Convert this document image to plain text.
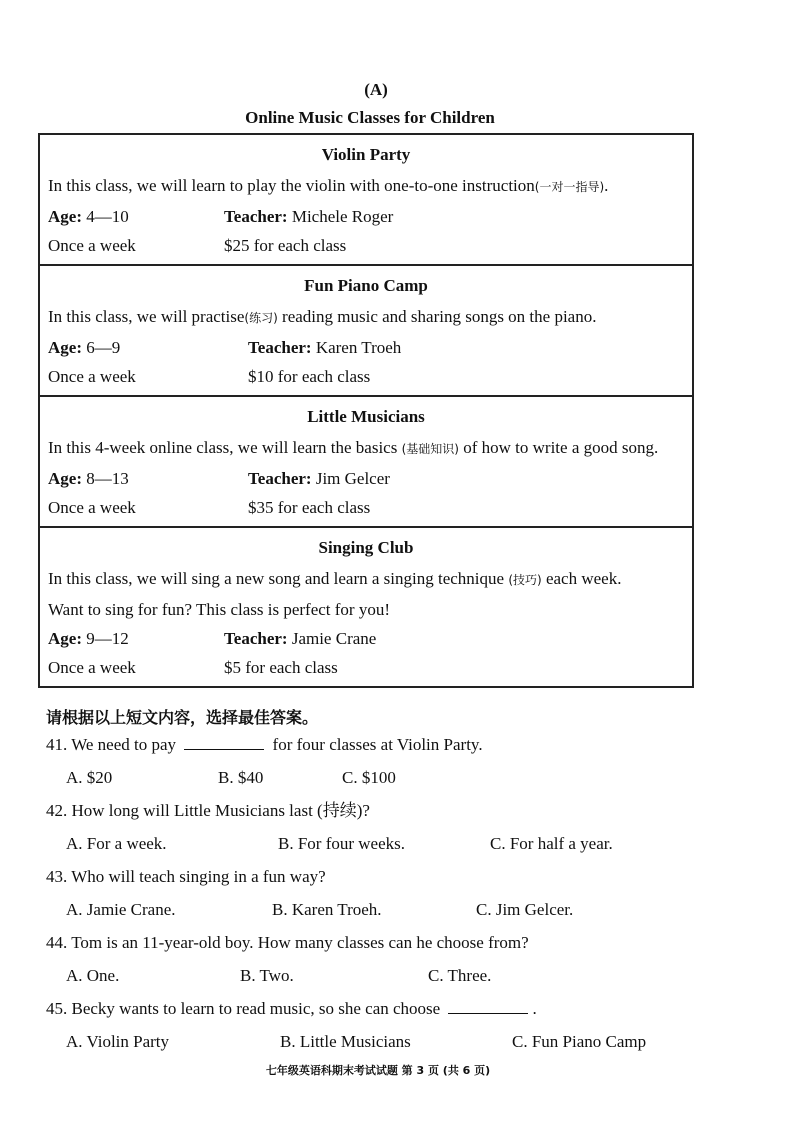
(A)
Online Music Classes for Children
Violin Party
In this class, we will learn to play the violin with one-to-one instruction(一对一指导).
Age: 4—10	Teacher: Michele Roger
Once a week	$25 for each class
Fun Piano Camp
In this class, we will practise(练习) reading music and sharing songs on the piano.
Age: 6—9	Teacher: Karen Troeh
Once a week	$10 for each class
Little Musicians
In this 4-week online class, we will learn the basics (基础知识) of how to write a good song.
Age: 8—13	Teacher: Jim Gelcer
Once a week	$35 for each class
Singing Club
In this class, we will sing a new song and learn a singing technique (技巧) each week.
Want to sing for fun? This class is perfect for you!
Age: 9—12	Teacher: Jamie Crane
Once a week	$5 for each class
请根据以上短文内容，选择最佳答案。

41. We need to pay	for four classes at Violin Party.

A. $20	B. $40	C. $100

42. How long will Little Musicians last (持续)?

A. For a week.	B. For four weeks.	C. For half a year.

43. Who will teach singing in a fun way?

A. Jamie Crane.	B. Karen Troeh.	C. Jim Gelcer.

44. Tom is an 11-year-old boy. How many classes can he choose from?

A. One.	B. Two.	C. Three.

45. Becky wants to learn to read music, so she can choose	.

A. Violin Party	B. Little Musicians	C. Fun Piano Camp
七年级英语科期末考试试题 第 3 页 (共 6 页)
